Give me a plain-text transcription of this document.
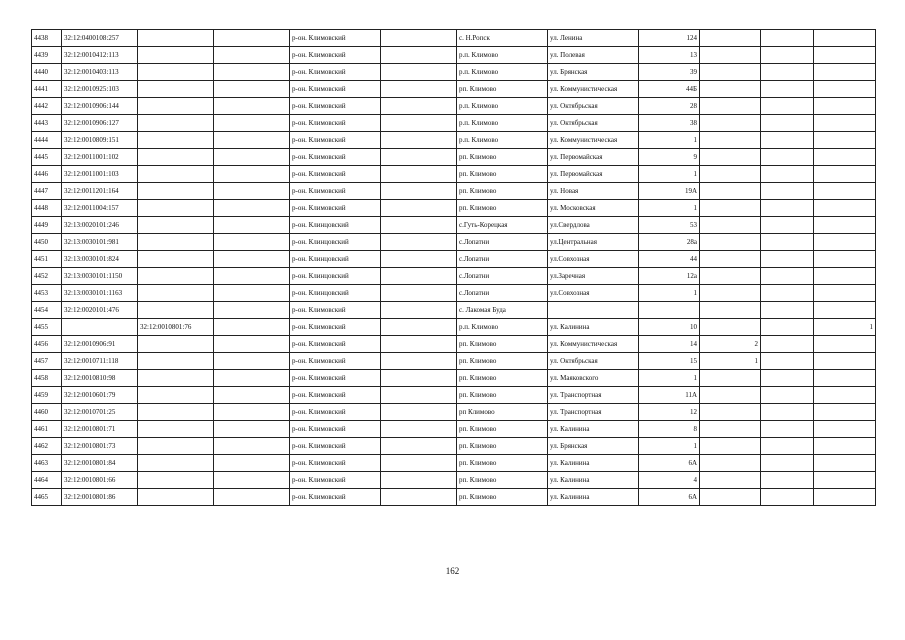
4438	32:12:0400108:257			р-он. Климовский		с. Н.Ропск	ул. Ленина	124			
4439	32:12:0010412:113			р-он. Климовский		р.п. Климово	ул. Полевая	13			
4440	32:12:0010403:113			р-он. Климовский		р.п. Климово	ул. Брянская	39			
4441	32:12:0010925:103			р-он. Климовский		рп. Климово	ул. Коммунистическая	44Б			
4442	32:12:0010906:144			р-он. Климовский		р.п. Климово	ул. Октябрьская	28			
4443	32:12:0010906:127			р-он. Климовский		р.п. Климово	ул. Октябрьская	38			
4444	32:12:0010809:151			р-он. Климовский		р.п. Климово	ул. Коммунистическая	1			
4445	32:12:0011001:102			р-он. Климовский		рп. Климово	ул. Первомайская	9			
4446	32:12:0011001:103			р-он. Климовский		рп. Климово	ул. Первомайская	1			
4447	32:12:0011201:164			р-он. Климовский		рп. Климово	ул. Новая	19А			
4448	32:12:0011004:157			р-он. Климовский		рп. Климово	ул. Московская	1			
4449	32:13:0020101:246			р-он. Клинцовский		с.Гуть-Корецкая	ул.Свердлова	53			
4450	32:13:0030101:981			р-он. Клинцовский		с.Лопатни	ул.Центральная	28а			
4451	32:13:0030101:824			р-он. Клинцовский		с.Лопатни	ул.Совхозная	44			
4452	32:13:0030101:1150			р-он. Клинцовский		с.Лопатни	ул.Заречная	12а			
4453	32:13:0030101:1163			р-он. Клинцовский		с.Лопатни	ул.Совхозная	1			
4454	32:12:0020101:476			р-он. Климовский		с. Лакомая Буда					
4455		32:12:0010801:76		р-он. Климовский		р.п. Климово	ул. Калинина	10			1
4456	32:12:0010906:91			р-он. Климовский		рп. Климово	ул. Коммунистическая	14	2		
4457	32:12:0010711:118			р-он. Климовский		рп. Климово	ул. Октябрьская	15	1		
4458	32:12:0010810:98			р-он. Климовский		рп. Климово	ул. Маяковского	1			
4459	32:12:0010601:79			р-он. Климовский		рп. Климово	ул. Транспортная	11А			
4460	32:12:0010701:25			р-он. Климовский		рп Климово	ул. Транспортная	12			
4461	32:12:0010801:71			р-он. Климовский		рп. Климово	ул. Калинина	8			
4462	32:12:0010801:73			р-он. Климовский		рп. Климово	ул. Брянская	1			
4463	32:12:0010801:84			р-он. Климовский		рп. Климово	ул. Калинина	6А			
4464	32:12:0010801:66			р-он. Климовский		рп. Климово	ул. Калинина	4			
4465	32:12:0010801:86			р-он. Климовский		рп. Климово	ул. Калинина	6А			
162
